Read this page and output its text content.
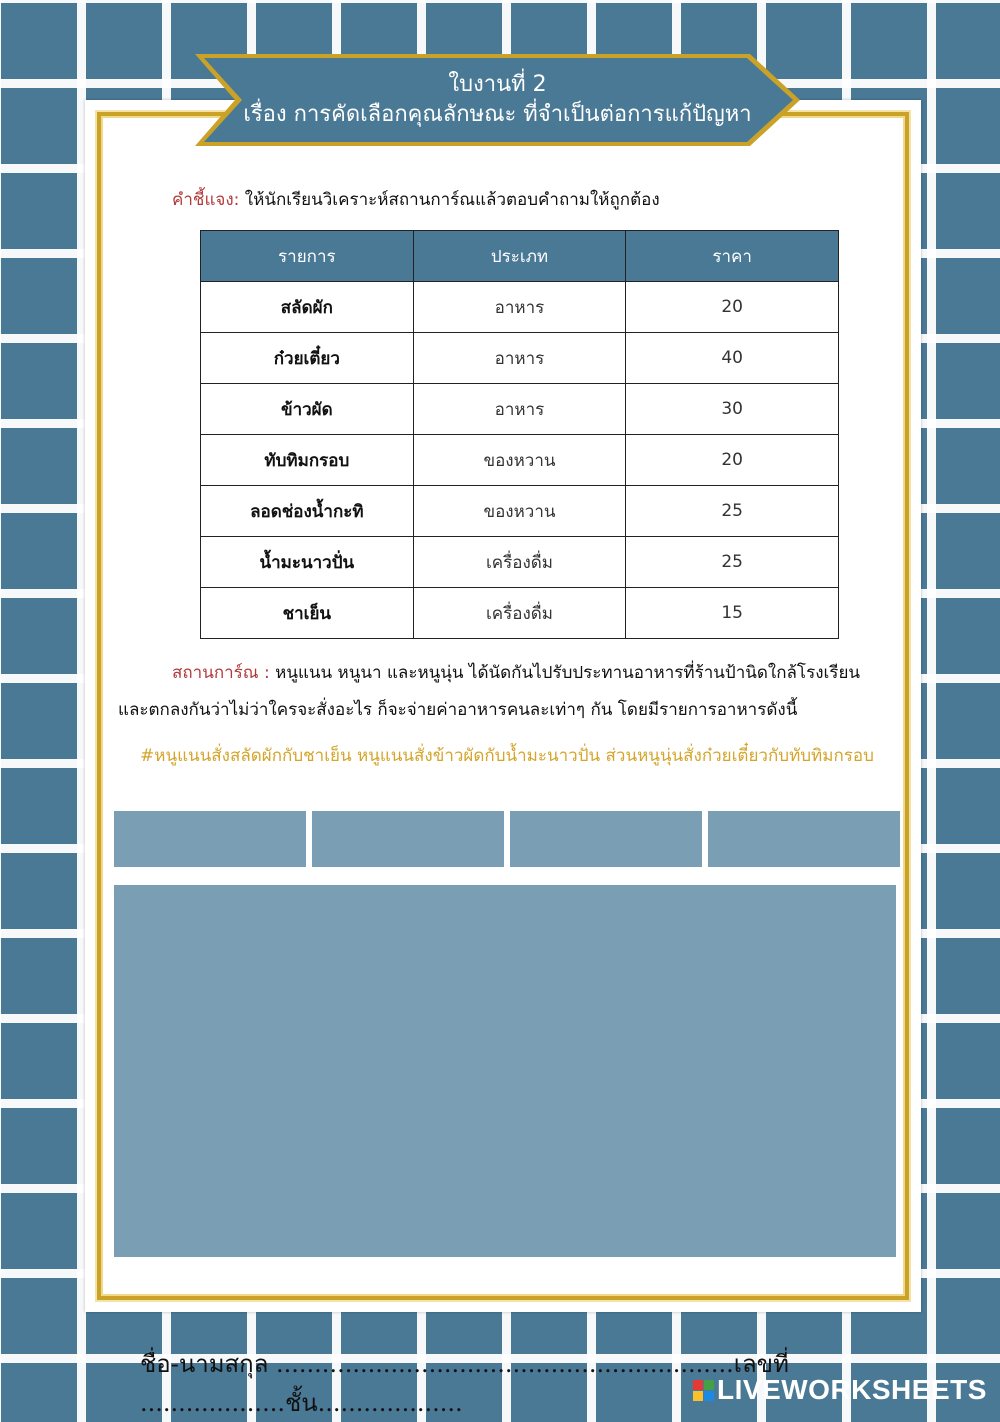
ใบงานที่ 2
เรื่อง การคัดเลือกคุณลักษณะ ที่จำเป็นต่อการแก้ปัญหา
คำชี้แจง: ให้นักเรียนวิเคราะห์สถานการ์ณแล้วตอบคำถามให้ถูกต้อง
รายการ	ประเภท	ราคา
สลัดผัก	อาหาร	20
ก๋วยเตี๋ยว	อาหาร	40
ข้าวผัด	อาหาร	30
ทับทิมกรอบ	ของหวาน	20
ลอดช่องน้ำกะทิ	ของหวาน	25
น้ำมะนาวปั่น	เครื่องดื่ม	25
ชาเย็น	เครื่องดื่ม	15
สถานการ์ณ : หนูแนน หนูนา และหนูนุ่น ได้นัดกันไปรับประทานอาหารที่ร้านป้านิดใกล้โรงเรียนและตกลงกันว่าไม่ว่าใครจะสั่งอะไร ก็จะจ่ายค่าอาหารคนละเท่าๆ กัน โดยมีรายการอาหารดังนี้
#หนูแนนสั่งสลัดผักกับชาเย็น หนูแนนสั่งข้าวผัดกับน้ำมะนาวปั่น ส่วนหนูนุ่นสั่งก๋วยเตี๋ยวกับทับทิมกรอบ
ชื่อ-นามสกุล ............................................................เลขที่ ...................ชั้น...................	LIVEWORKSHEETS
